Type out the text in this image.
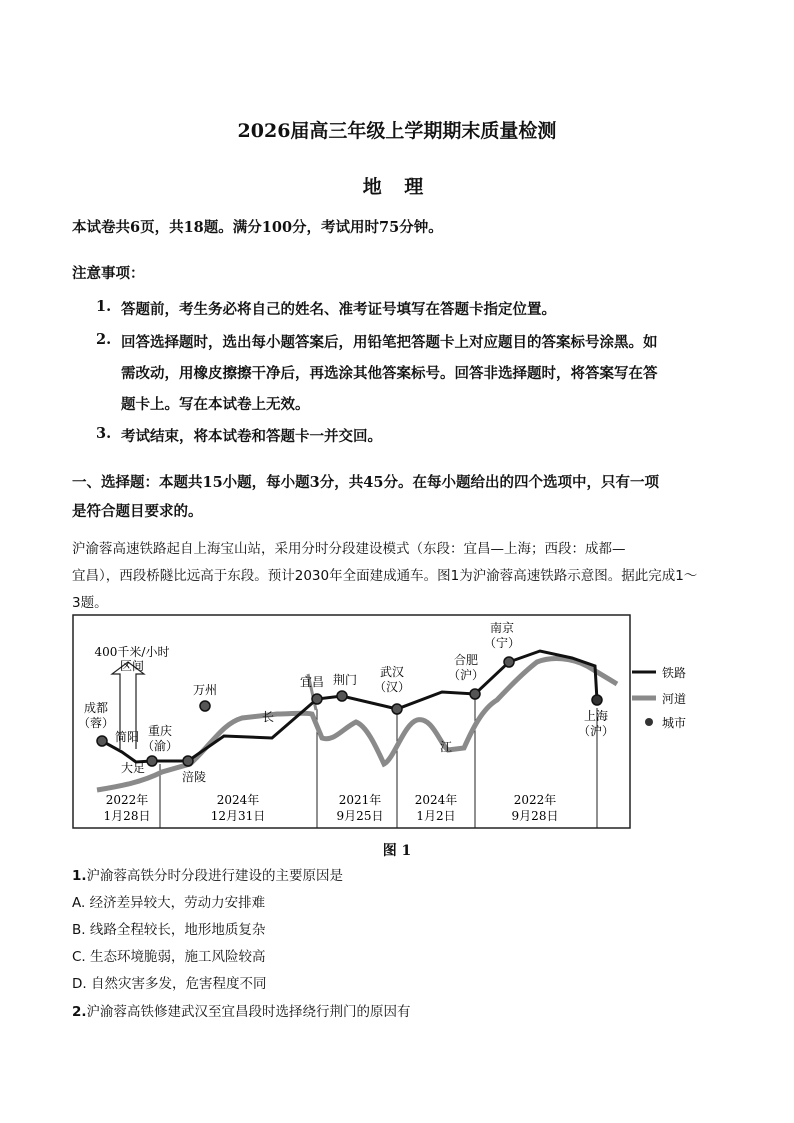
2026届高三年级上学期期末质量检测
地 理
本试卷共6页，共18题。满分100分，考试用时75分钟。
注意事项：
1. 答题前，考生务必将自己的姓名、准考证号填写在答题卡指定位置。
2. 回答选择题时，选出每小题答案后，用铅笔把答题卡上对应题目的答案标号涂黑。如
需改动，用橡皮擦擦干净后，再选涂其他答案标号。回答非选择题时，将答案写在答
题卡上。写在本试卷上无效。
3. 考试结束，将本试卷和答题卡一并交回。
一、选择题：本题共15小题，每小题3分，共45分。在每小题给出的四个选项中，只有一项
是符合题目要求的。
沪渝蓉高速铁路起自上海宝山站，采用分时分段建设模式（东段：宜昌—上海；西段：成都—
宜昌），西段桥隧比远高于东段。预计2030年全面建成通车。图1为沪渝蓉高速铁路示意图。据此完成1～
3题。
400千米/小时
区间
成都
（蓉）
简阳
大足
重庆
（渝）
涪陵
万州
宜昌 荆门
武汉
（汉）
合肥
（沪）
南京
（宁）
上海
（沪）
长
江
2022年
1月28日
2024年
12月31日
2021年
9月25日
2024年
1月2日
2022年
9月28日
铁路
河道
城市
图 1
1.沪渝蓉高铁分时分段进行建设的主要原因是
A. 经济差异较大，劳动力安排难
B. 线路全程较长，地形地质复杂
C. 生态环境脆弱，施工风险较高
D. 自然灾害多发，危害程度不同
2.沪渝蓉高铁修建武汉至宜昌段时选择绕行荆门的原因有
